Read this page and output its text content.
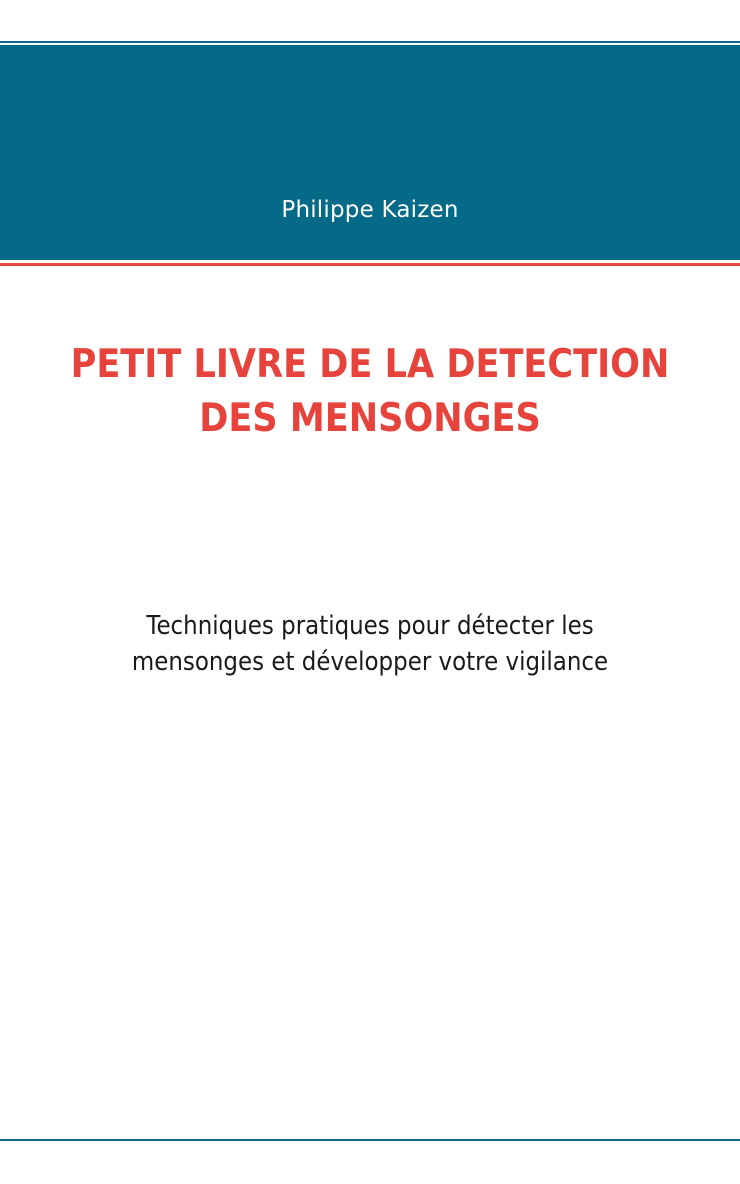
Philippe Kaizen
PETIT LIVRE DE LA DETECTION
DES MENSONGES
Techniques pratiques pour détecter les
mensonges et développer votre vigilance
